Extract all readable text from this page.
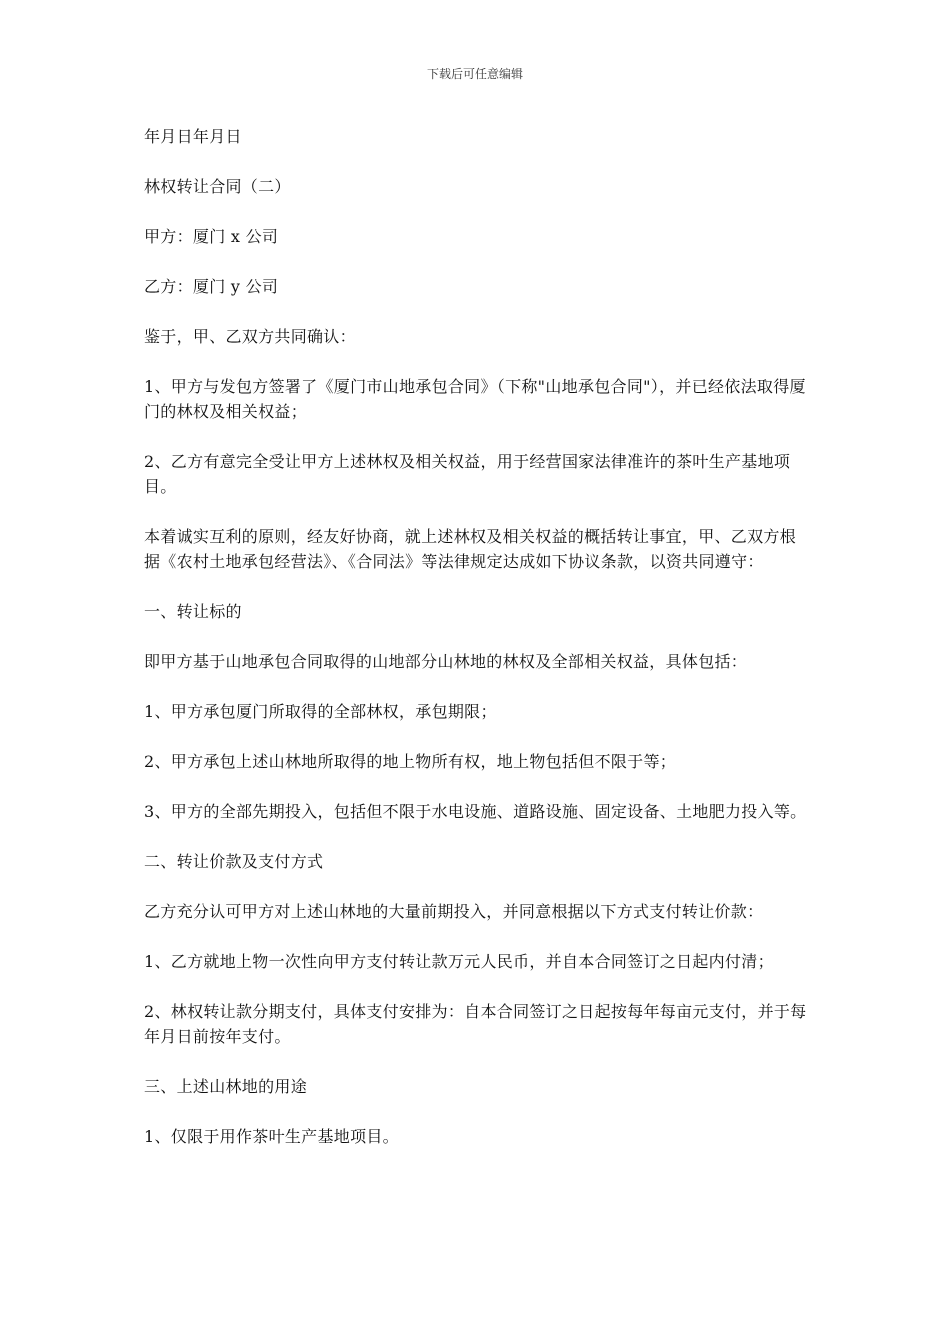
下载后可任意编辑

年月日年月日

林权转让合同（二）

甲方：厦门 x 公司

乙方：厦门 y 公司

鉴于，甲、乙双方共同确认：

1、甲方与发包方签署了《厦门市山地承包合同》（下称"山地承包合同"），并已经依法取得厦门的林权及相关权益；

2、乙方有意完全受让甲方上述林权及相关权益，用于经营国家法律准许的茶叶生产基地项目。

本着诚实互利的原则，经友好协商，就上述林权及相关权益的概括转让事宜，甲、乙双方根据《农村土地承包经营法》、《合同法》等法律规定达成如下协议条款，以资共同遵守：

一、转让标的

即甲方基于山地承包合同取得的山地部分山林地的林权及全部相关权益，具体包括：

1、甲方承包厦门所取得的全部林权，承包期限；

2、甲方承包上述山林地所取得的地上物所有权，地上物包括但不限于等；

3、甲方的全部先期投入，包括但不限于水电设施、道路设施、固定设备、土地肥力投入等。

二、转让价款及支付方式

乙方充分认可甲方对上述山林地的大量前期投入，并同意根据以下方式支付转让价款：

1、乙方就地上物一次性向甲方支付转让款万元人民币，并自本合同签订之日起内付清；

2、林权转让款分期支付，具体支付安排为：自本合同签订之日起按每年每亩元支付，并于每年月日前按年支付。

三、上述山林地的用途

1、仅限于用作茶叶生产基地项目。
